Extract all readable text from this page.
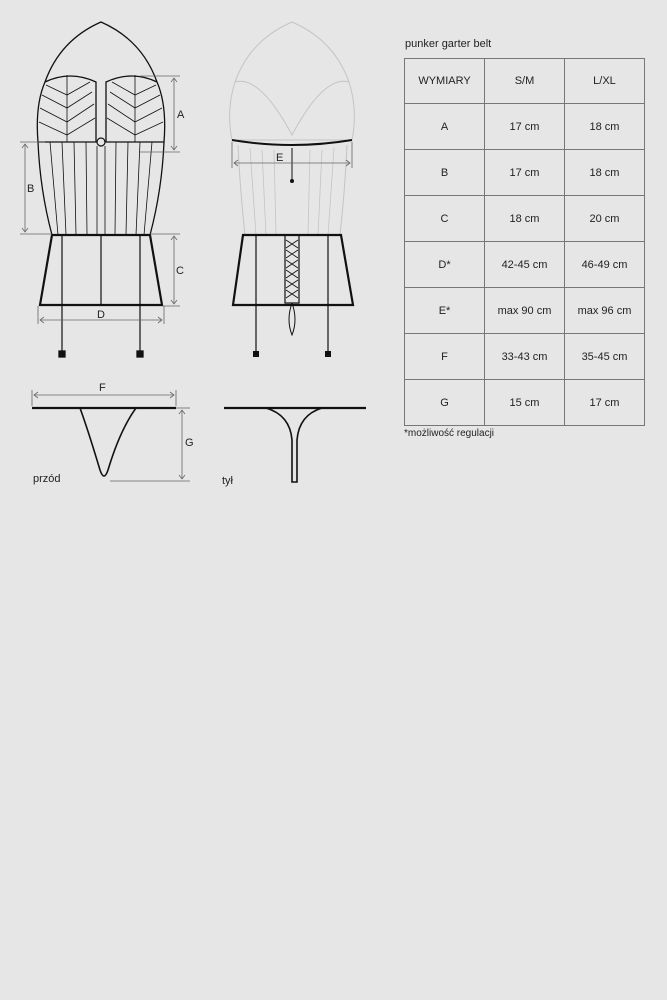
A
B
C
D
E
F
G
przód	tył
punker garter belt
WYMIARY	S/M	L/XL
A	17 cm	18 cm
B	17 cm	18 cm
C	18 cm	20 cm
D*	42-45 cm	46-49 cm
E*	max 90 cm	max 96 cm
F	33-43 cm	35-45 cm
G	15 cm	17 cm
*możliwość regulacji
